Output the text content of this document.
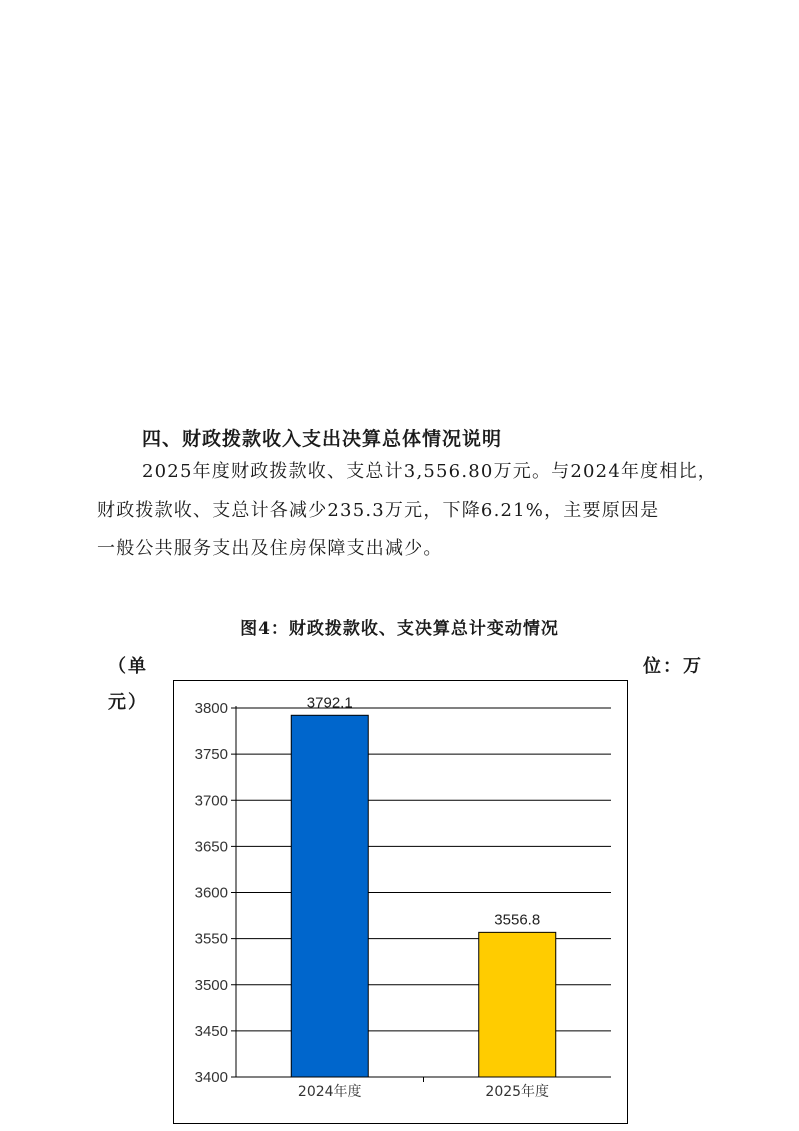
四、财政拨款收入支出决算总体情况说明
2025年度财政拨款收、支总计3,556.80万元。与2024年度相比，
财政拨款收、支总计各减少235.3万元，下降6.21%，主要原因是
一般公共服务支出及住房保障支出减少。
图4：财政拨款收、支决算总计变动情况
（单	位：万
元）
3400
3450
3500
3550
3600
3650
3700
3750
3800	3792.1
2024年度
3556.8
2025年度
